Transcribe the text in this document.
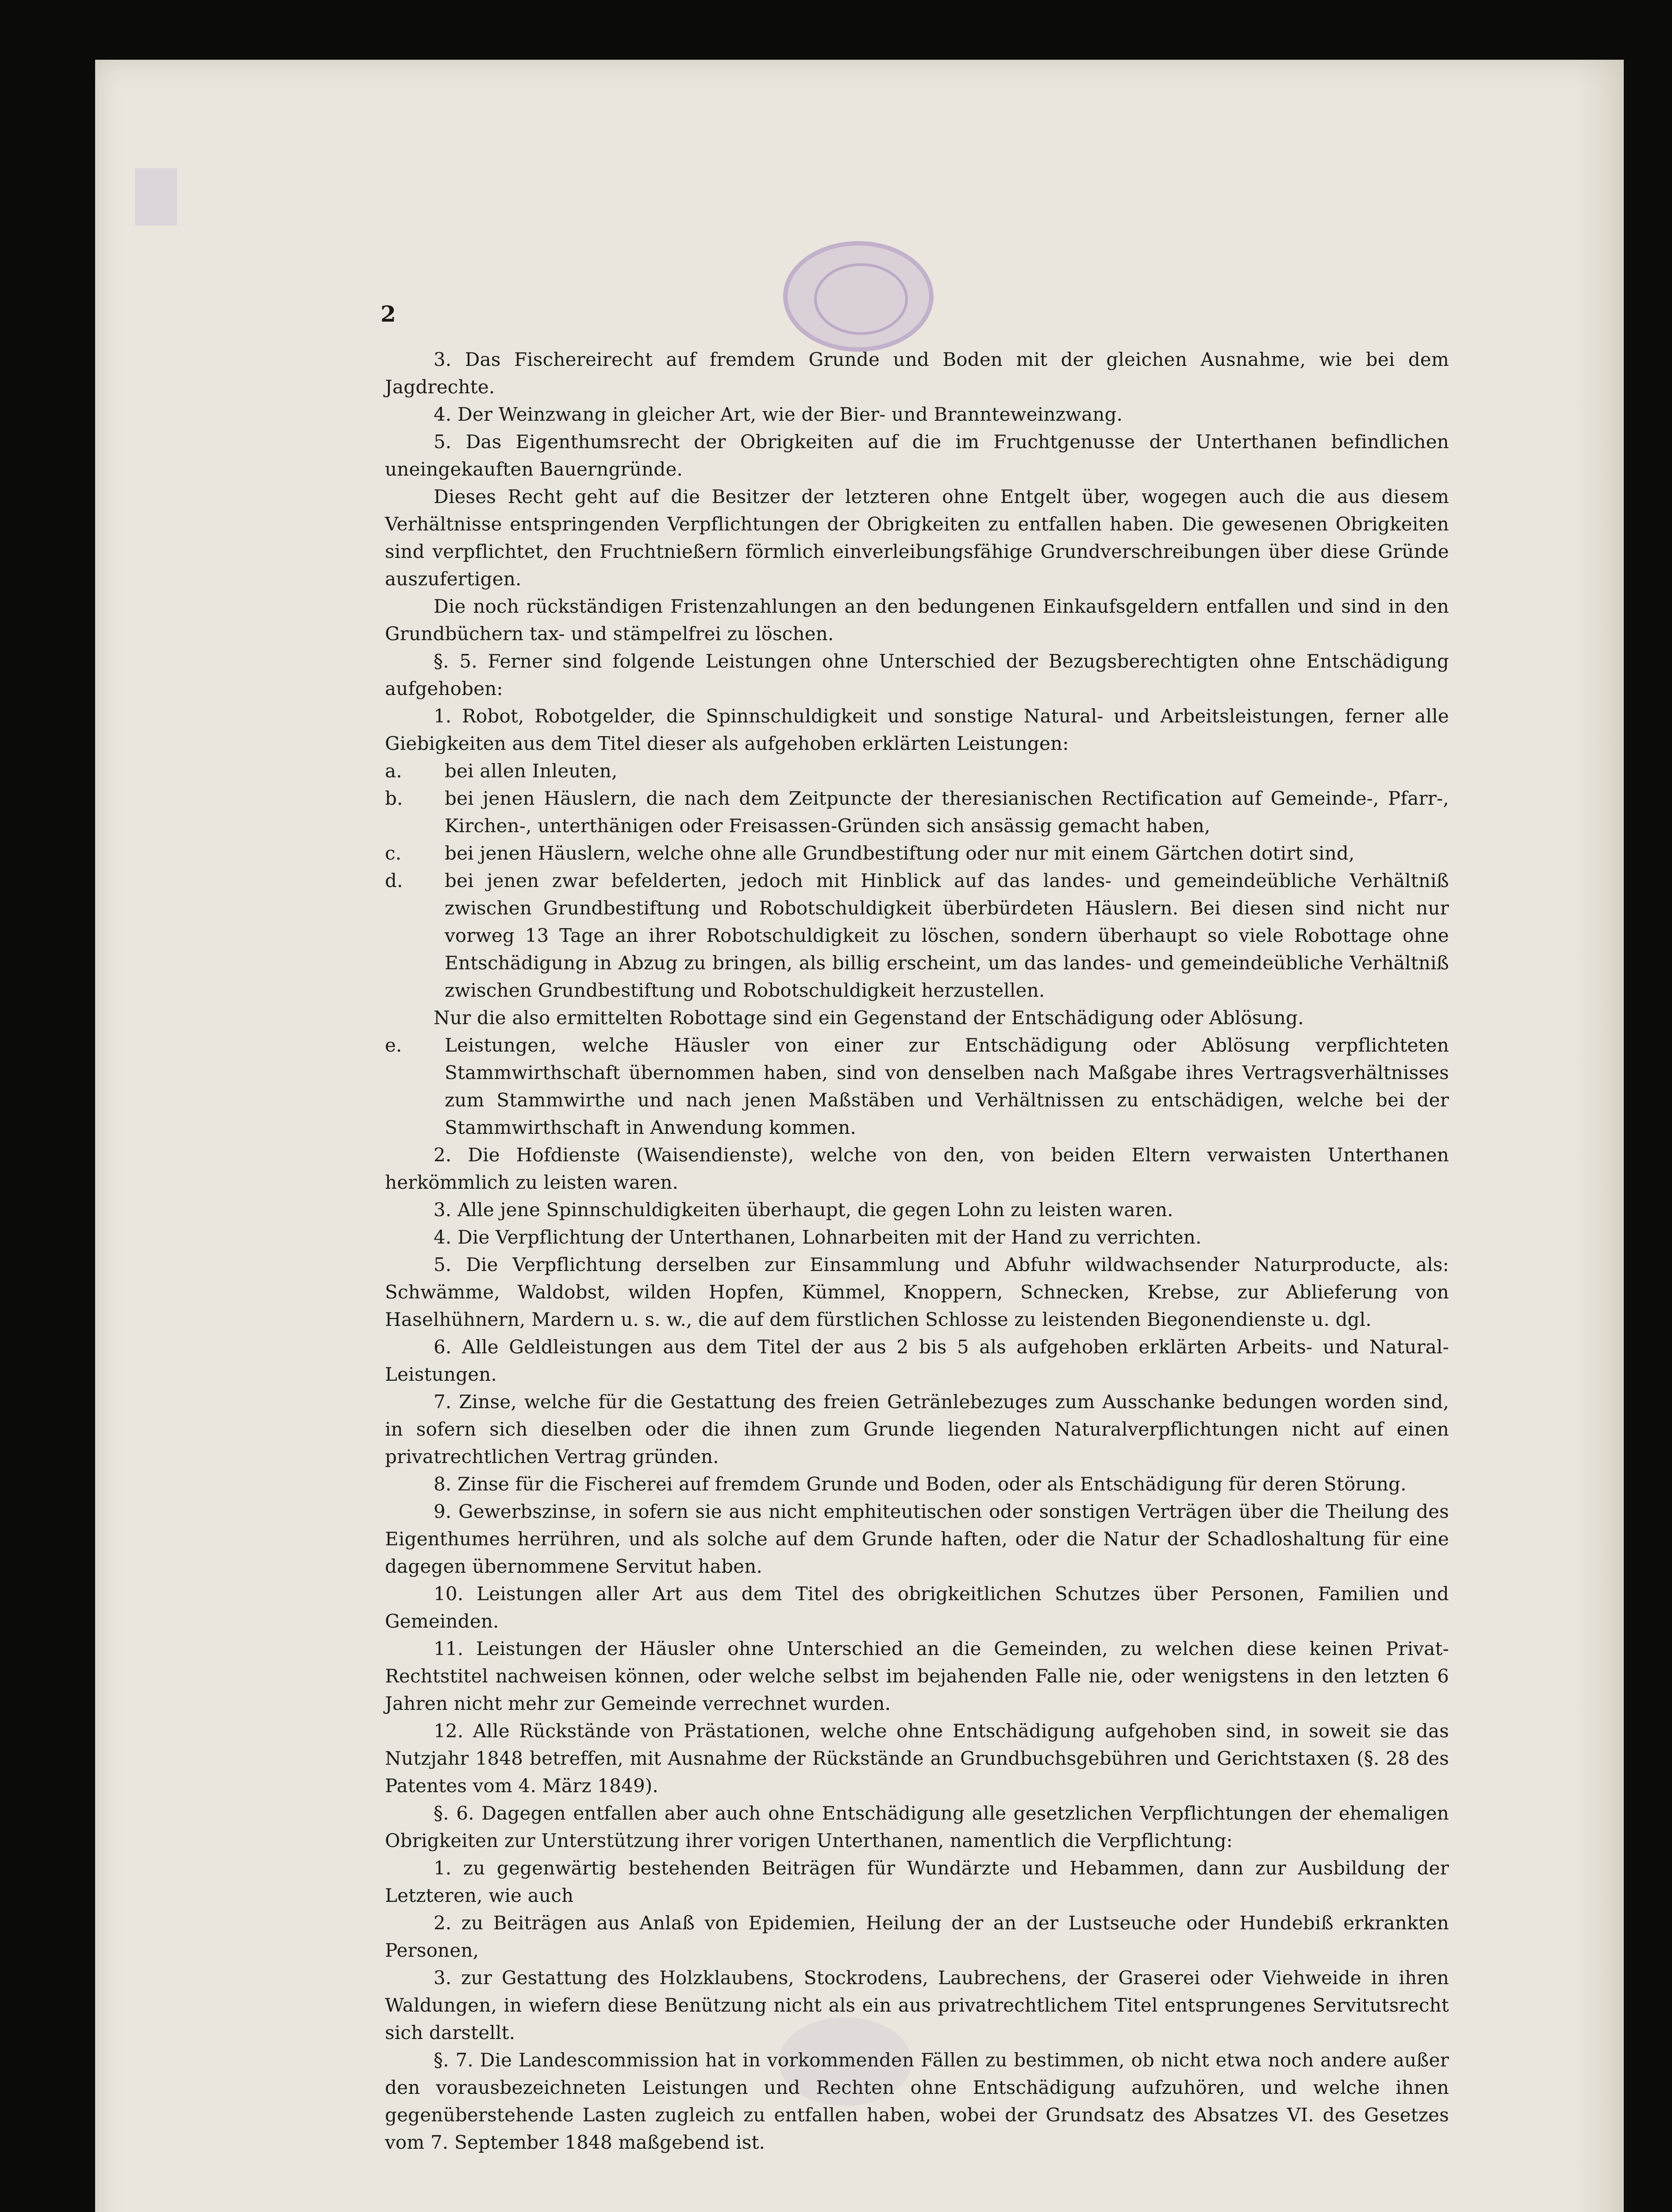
2

3. Das Fischereirecht auf fremdem Grunde und Boden mit der gleichen Ausnahme, wie bei dem Jagdrechte.

4. Der Weinzwang in gleicher Art, wie der Bier- und Brannteweinzwang.

5. Das Eigenthumsrecht der Obrigkeiten auf die im Fruchtgenusse der Unterthanen befindlichen uneingekauften Bauerngründe.

Dieses Recht geht auf die Besitzer der letzteren ohne Entgelt über, wogegen auch die aus diesem Verhältnisse entspringenden Verpflichtungen der Obrigkeiten zu entfallen haben. Die gewesenen Obrigkeiten sind verpflichtet, den Fruchtnießern förmlich einverleibungsfähige Grundverschreibungen über diese Gründe auszufertigen.

Die noch rückständigen Fristenzahlungen an den bedungenen Einkaufsgeldern entfallen und sind in den Grundbüchern tax- und stämpelfrei zu löschen.

§. 5. Ferner sind folgende Leistungen ohne Unterschied der Bezugsberechtigten ohne Entschädigung aufgehoben:

1. Robot, Robotgelder, die Spinnschuldigkeit und sonstige Natural- und Arbeitsleistungen, ferner alle Giebigkeiten aus dem Titel dieser als aufgehoben erklärten Leistungen:

a. bei allen Inleuten,

b. bei jenen Häuslern, die nach dem Zeitpuncte der theresianischen Rectification auf Gemeinde-, Pfarr-, Kirchen-, unterthänigen oder Freisassen-Gründen sich ansässig gemacht haben,

c. bei jenen Häuslern, welche ohne alle Grundbestiftung oder nur mit einem Gärtchen dotirt sind,

d. bei jenen zwar befelderten, jedoch mit Hinblick auf das landes- und gemeindeübliche Verhältniß zwischen Grundbestiftung und Robotschuldigkeit überbürdeten Häuslern. Bei diesen sind nicht nur vorweg 13 Tage an ihrer Robotschuldigkeit zu löschen, sondern überhaupt so viele Robottage ohne Entschädigung in Abzug zu bringen, als billig erscheint, um das landes- und gemeindeübliche Verhältniß zwischen Grundbestiftung und Robotschuldigkeit herzustellen.

Nur die also ermittelten Robottage sind ein Gegenstand der Entschädigung oder Ablösung.

e. Leistungen, welche Häusler von einer zur Entschädigung oder Ablösung verpflichteten Stammwirthschaft übernommen haben, sind von denselben nach Maßgabe ihres Vertragsverhältnisses zum Stammwirthe und nach jenen Maßstäben und Verhältnissen zu entschädigen, welche bei der Stammwirthschaft in Anwendung kommen.

2. Die Hofdienste (Waisendienste), welche von den, von beiden Eltern verwaisten Unterthanen herkömmlich zu leisten waren.

3. Alle jene Spinnschuldigkeiten überhaupt, die gegen Lohn zu leisten waren.

4. Die Verpflichtung der Unterthanen, Lohnarbeiten mit der Hand zu verrichten.

5. Die Verpflichtung derselben zur Einsammlung und Abfuhr wildwachsender Naturproducte, als: Schwämme, Waldobst, wilden Hopfen, Kümmel, Knoppern, Schnecken, Krebse, zur Ablieferung von Haselhühnern, Mardern u. s. w., die auf dem fürstlichen Schlosse zu leistenden Biegonendienste u. dgl.

6. Alle Geldleistungen aus dem Titel der aus 2 bis 5 als aufgehoben erklärten Arbeits- und Natural-Leistungen.

7. Zinse, welche für die Gestattung des freien Getränlebezuges zum Ausschanke bedungen worden sind, in sofern sich dieselben oder die ihnen zum Grunde liegenden Naturalverpflichtungen nicht auf einen privatrechtlichen Vertrag gründen.

8. Zinse für die Fischerei auf fremdem Grunde und Boden, oder als Entschädigung für deren Störung.

9. Gewerbszinse, in sofern sie aus nicht emphiteutischen oder sonstigen Verträgen über die Theilung des Eigenthumes herrühren, und als solche auf dem Grunde haften, oder die Natur der Schadloshaltung für eine dagegen übernommene Servitut haben.

10. Leistungen aller Art aus dem Titel des obrigkeitlichen Schutzes über Personen, Familien und Gemeinden.

11. Leistungen der Häusler ohne Unterschied an die Gemeinden, zu welchen diese keinen Privat-Rechtstitel nachweisen können, oder welche selbst im bejahenden Falle nie, oder wenigstens in den letzten 6 Jahren nicht mehr zur Gemeinde verrechnet wurden.

12. Alle Rückstände von Prästationen, welche ohne Entschädigung aufgehoben sind, in soweit sie das Nutzjahr 1848 betreffen, mit Ausnahme der Rückstände an Grundbuchsgebühren und Gerichtstaxen (§. 28 des Patentes vom 4. März 1849).

§. 6. Dagegen entfallen aber auch ohne Entschädigung alle gesetzlichen Verpflichtungen der ehemaligen Obrigkeiten zur Unterstützung ihrer vorigen Unterthanen, namentlich die Verpflichtung:

1. zu gegenwärtig bestehenden Beiträgen für Wundärzte und Hebammen, dann zur Ausbildung der Letzteren, wie auch

2. zu Beiträgen aus Anlaß von Epidemien, Heilung der an der Lustseuche oder Hundebiß erkrankten Personen,

3. zur Gestattung des Holzklaubens, Stockrodens, Laubrechens, der Graserei oder Viehweide in ihren Waldungen, in wiefern diese Benützung nicht als ein aus privatrechtlichem Titel entsprungenes Servitutsrecht sich darstellt.

§. 7. Die Landescommission hat in vorkommenden Fällen zu bestimmen, ob nicht etwa noch andere außer den vorausbezeichneten Leistungen und Rechten ohne Entschädigung aufzuhören, und welche ihnen gegenüberstehende Lasten zugleich zu entfallen haben, wobei der Grundsatz des Absatzes VI. des Gesetzes vom 7. September 1848 maßgebend ist.
